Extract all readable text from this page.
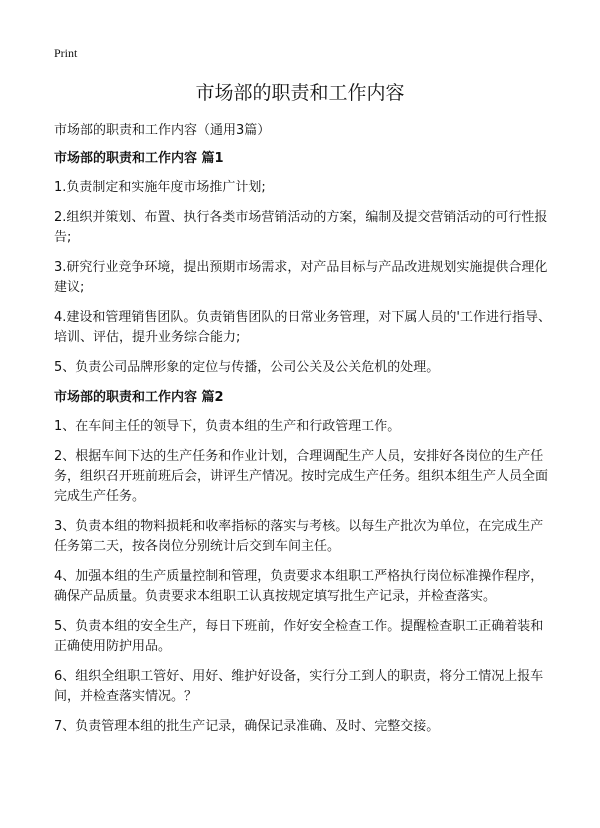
Print
市场部的职责和工作内容

市场部的职责和工作内容（通用3篇）

市场部的职责和工作内容 篇1

1.负责制定和实施年度市场推广计划;

2.组织并策划、布置、执行各类市场营销活动的方案，编制及提交营销活动的可行性报告;

3.研究行业竞争环境，提出预期市场需求，对产品目标与产品改进规划实施提供合理化建议;

4.建设和管理销售团队。负责销售团队的日常业务管理，对下属人员的'工作进行指导、培训、评估，提升业务综合能力;

5、负责公司品牌形象的定位与传播，公司公关及公关危机的处理。

市场部的职责和工作内容 篇2

1、在车间主任的领导下，负责本组的生产和行政管理工作。

2、根据车间下达的生产任务和作业计划，合理调配生产人员，安排好各岗位的生产任务，组织召开班前班后会，讲评生产情况。按时完成生产任务。组织本组生产人员全面完成生产任务。

3、负责本组的物料损耗和收率指标的落实与考核。以每生产批次为单位，在完成生产任务第二天，按各岗位分别统计后交到车间主任。

4、加强本组的生产质量控制和管理，负责要求本组职工严格执行岗位标准操作程序，确保产品质量。负责要求本组职工认真按规定填写批生产记录，并检查落实。

5、负责本组的安全生产，每日下班前，作好安全检查工作。提醒检查职工正确着装和正确使用防护用品。

6、组织全组职工管好、用好、维护好设备，实行分工到人的职责，将分工情况上报车间，并检查落实情况。？

7、负责管理本组的批生产记录，确保记录准确、及时、完整交接。
